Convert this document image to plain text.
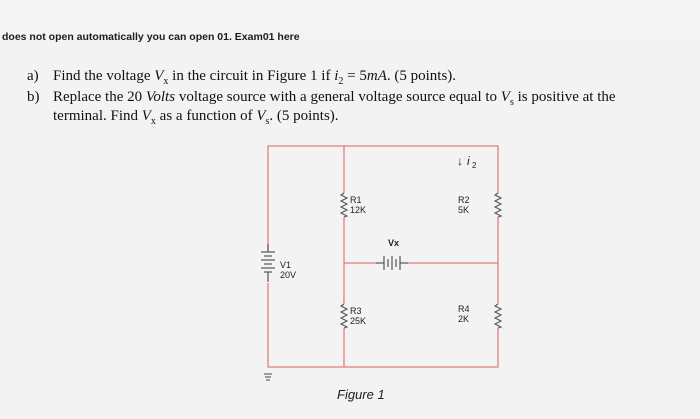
does not open automatically you can open 01. Exam01 here
a) Find the voltage $V_x$ in the circuit in Figure 1 if $i_2 = 5mA$. (5 points).
b) Replace the 20 Volts voltage source with a general voltage source equal to $V_s$ is positive at the
terminal. Find $V_x$ as a function of $V_s$. (5 points).
V1
20V
R1
12K
R3
25K
R2
5K
R4
2K
Vx
↓ i 2
Figure 1
